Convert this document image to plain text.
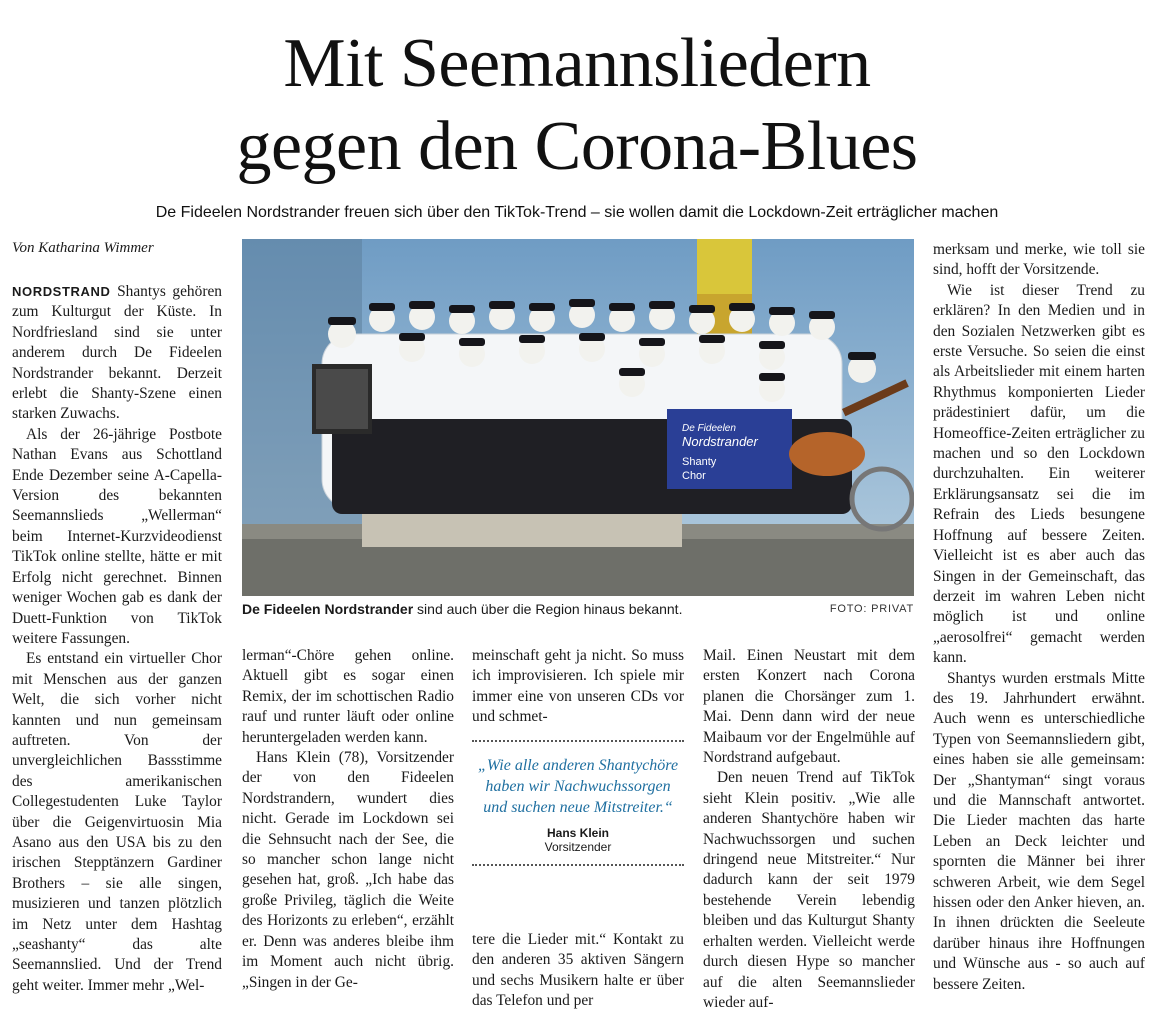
Mit Seemannsliedern
gegen den Corona-Blues
De Fideelen Nordstrander freuen sich über den TikTok-Trend – sie wollen damit die Lockdown-Zeit erträglicher machen
Von Katharina Wimmer

NORDSTRAND Shantys gehören zum Kulturgut der Küste. In Nordfriesland sind sie unter anderem durch De Fideelen Nordstrander bekannt. Derzeit erlebt die Shanty-Szene einen starken Zuwachs.

Als der 26-jährige Postbote Nathan Evans aus Schottland Ende Dezember seine A-Capella-Version des bekannten Seemannslieds „Wellerman“ beim Internet-Kurzvideodienst TikTok online stellte, hätte er mit Erfolg nicht gerechnet. Binnen weniger Wochen gab es dank der Duett-Funktion von TikTok weitere Fassungen.

Es entstand ein virtueller Chor mit Menschen aus der ganzen Welt, die sich vorher nicht kannten und nun gemeinsam auftreten. Von der unvergleichlichen Bassstimme des amerikanischen Collegestudenten Luke Taylor über die Geigenvirtuosin Mia Asano aus den USA bis zu den irischen Stepptänzern Gardiner Brothers – sie alle singen, musizieren und tanzen plötzlich im Netz unter dem Hashtag „seashanty“ das alte Seemannslied. Und der Trend geht weiter. Immer mehr „Wel-

De Fideelen
Nordstrander
Shanty
Chor
De Fideelen Nordstrander sind auch über die Region hinaus bekannt.	FOTO: PRIVAT

lerman“-Chöre gehen online. Aktuell gibt es sogar einen Remix, der im schottischen Radio rauf und runter läuft oder online heruntergeladen werden kann.

Hans Klein (78), Vorsitzender der von den Fideelen Nordstrandern, wundert dies nicht. Gerade im Lockdown sei die Sehnsucht nach der See, die so mancher schon lange nicht gesehen hat, groß. „Ich habe das große Privileg, täglich die Weite des Horizonts zu erleben“, erzählt er. Denn was anderes bleibe ihm im Moment auch nicht übrig. „Singen in der Ge-

meinschaft geht ja nicht. So muss ich improvisieren. Ich spiele mir immer eine von unseren CDs vor und schmet-

„Wie alle anderen Shantychöre haben wir Nachwuchssorgen und suchen neue Mitstreiter.“
Hans Klein
Vorsitzender

tere die Lieder mit.“ Kontakt zu den anderen 35 aktiven Sängern und sechs Musikern halte er über das Telefon und per

Mail. Einen Neustart mit dem ersten Konzert nach Corona planen die Chorsänger zum 1. Mai. Denn dann wird der neue Maibaum vor der Engelmühle auf Nordstrand aufgebaut.

Den neuen Trend auf TikTok sieht Klein positiv. „Wie alle anderen Shantychöre haben wir Nachwuchssorgen und suchen dringend neue Mitstreiter.“ Nur dadurch kann der seit 1979 bestehende Verein lebendig bleiben und das Kulturgut Shanty erhalten werden. Vielleicht werde durch diesen Hype so mancher auf die alten Seemannslieder wieder auf-

merksam und merke, wie toll sie sind, hofft der Vorsitzende.

Wie ist dieser Trend zu erklären? In den Medien und in den Sozialen Netzwerken gibt es erste Versuche. So seien die einst als Arbeitslieder mit einem harten Rhythmus komponierten Lieder prädestiniert dafür, um die Homeoffice-Zeiten erträglicher zu machen und so den Lockdown durchzuhalten. Ein weiterer Erklärungsansatz sei die im Refrain des Lieds besungene Hoffnung auf bessere Zeiten. Vielleicht ist es aber auch das Singen in der Gemeinschaft, das derzeit im wahren Leben nicht möglich ist und online „aerosolfrei“ gemacht werden kann.

Shantys wurden erstmals Mitte des 19. Jahrhundert erwähnt. Auch wenn es unterschiedliche Typen von Seemannsliedern gibt, eines haben sie alle gemeinsam: Der „Shantyman“ singt voraus und die Mannschaft antwortet. Die Lieder machten das harte Leben an Deck leichter und spornten die Männer bei ihrer schweren Arbeit, wie dem Segel hissen oder den Anker hieven, an. In ihnen drückten die Seeleute darüber hinaus ihre Hoffnungen und Wünsche aus - so auch auf bessere Zeiten.
